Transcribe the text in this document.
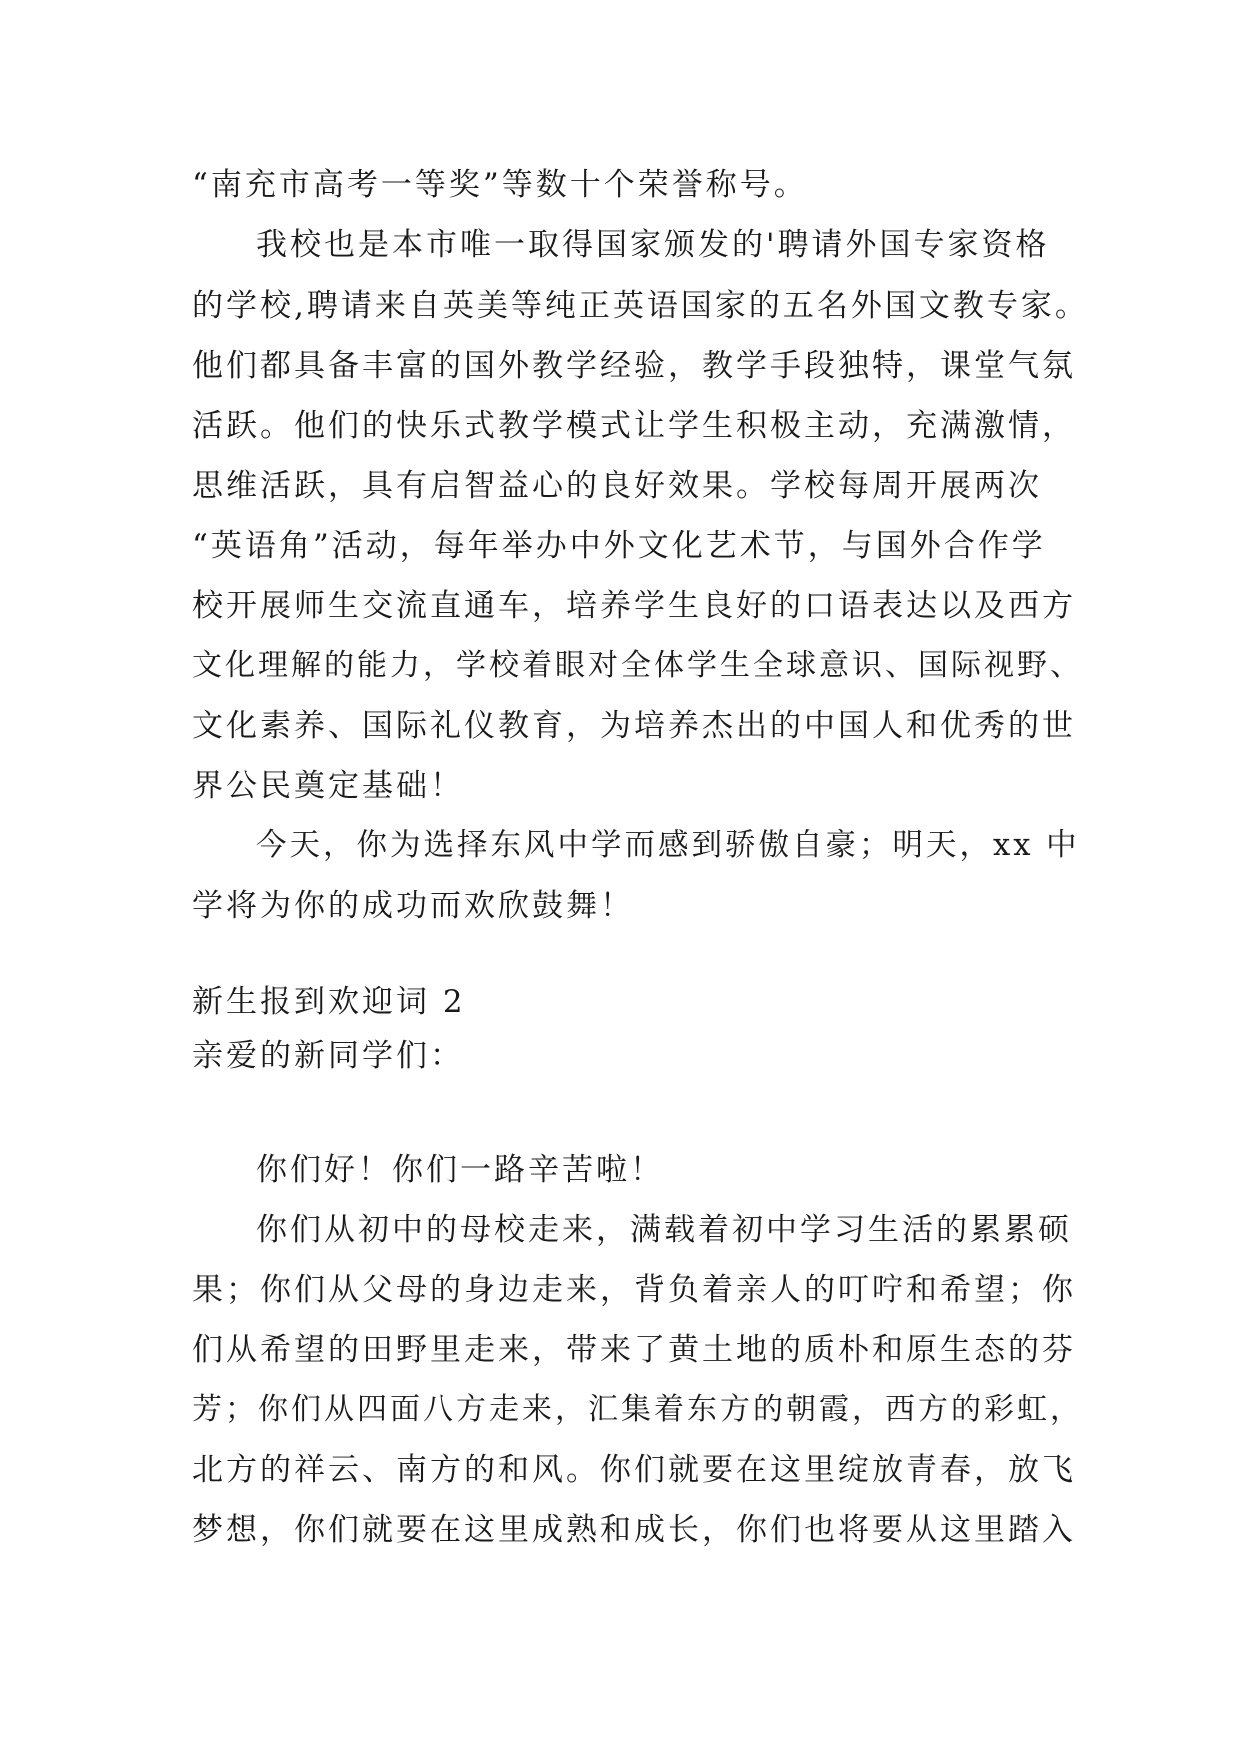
“南充市高考一等奖”等数十个荣誉称号。
我校也是本市唯一取得国家颁发的'聘请外国专家资格
的学校,聘请来自英美等纯正英语国家的五名外国文教专家。
他们都具备丰富的国外教学经验，教学手段独特，课堂气氛
活跃。他们的快乐式教学模式让学生积极主动，充满激情，
思维活跃，具有启智益心的良好效果。学校每周开展两次
“英语角”活动，每年举办中外文化艺术节，与国外合作学
校开展师生交流直通车，培养学生良好的口语表达以及西方
文化理解的能力，学校着眼对全体学生全球意识、国际视野、
文化素养、国际礼仪教育，为培养杰出的中国人和优秀的世
界公民奠定基础！
今天，你为选择东风中学而感到骄傲自豪；明天，xx 中
学将为你的成功而欢欣鼓舞！
新生报到欢迎词 2
亲爱的新同学们：
你们好！你们一路辛苦啦！
你们从初中的母校走来，满载着初中学习生活的累累硕
果；你们从父母的身边走来，背负着亲人的叮咛和希望；你
们从希望的田野里走来，带来了黄土地的质朴和原生态的芬
芳；你们从四面八方走来，汇集着东方的朝霞，西方的彩虹，
北方的祥云、南方的和风。你们就要在这里绽放青春，放飞
梦想，你们就要在这里成熟和成长，你们也将要从这里踏入
